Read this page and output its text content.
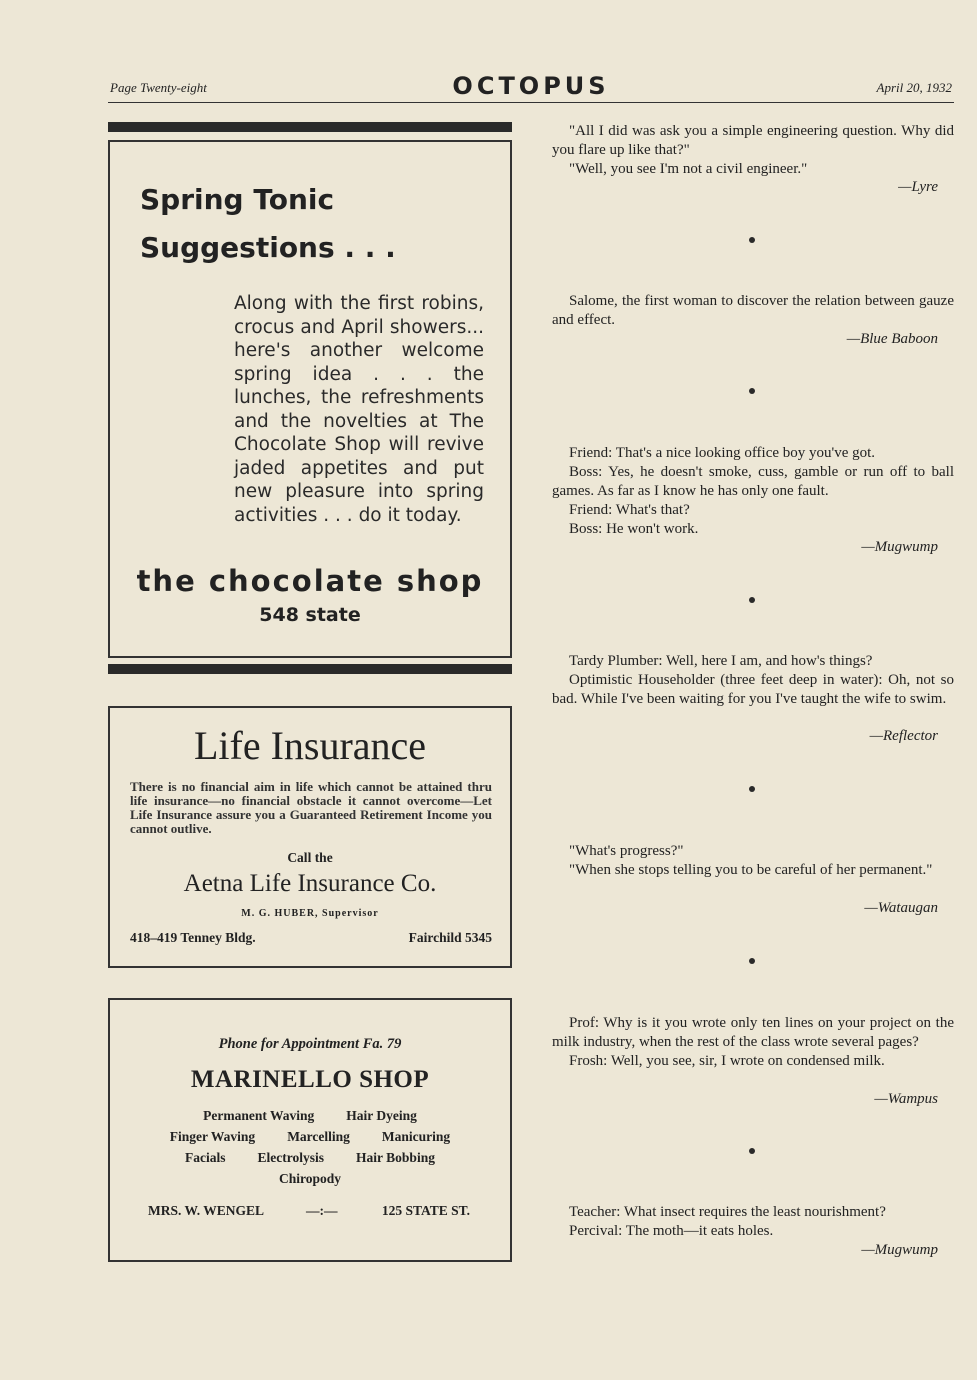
Page Twenty-eight	OCTOPUS	April 20, 1932
Spring Tonic
Suggestions . . .
Along with the first robins, crocus and April showers... here's another welcome spring idea . . . the lunches, the refreshments and the novelties at The Chocolate Shop will revive jaded appetites and put new pleasure into spring activities . . . do it today.
the chocolate shop
548 state
Life Insurance
There is no financial aim in life which cannot be attained thru life insurance—no financial obstacle it cannot overcome—Let Life Insurance assure you a Guaranteed Retirement Income you cannot outlive.
Call the
Aetna Life Insurance Co.
M. G. HUBER, Supervisor
418–419 Tenney Bldg.	Fairchild 5345
Phone for Appointment Fa. 79
MARINELLO SHOP
Permanent Waving Hair Dyeing
Finger Waving Marcelling Manicuring
Facials Electrolysis Hair Bobbing
Chiropody
MRS. W. WENGEL	—:—	125 STATE ST.
"All I did was ask you a simple engineering question. Why did you flare up like that?"
"Well, you see I'm not a civil engineer."
—Lyre
Salome, the first woman to discover the relation between gauze and effect.
—Blue Baboon
Friend: That's a nice looking office boy you've got.
Boss: Yes, he doesn't smoke, cuss, gamble or run off to ball games. As far as I know he has only one fault.
Friend: What's that?
Boss: He won't work.
—Mugwump
Tardy Plumber: Well, here I am, and how's things?
Optimistic Householder (three feet deep in water): Oh, not so bad. While I've been waiting for you I've taught the wife to swim.
—Reflector
"What's progress?"
"When she stops telling you to be careful of her permanent."
—Wataugan
Prof: Why is it you wrote only ten lines on your project on the milk industry, when the rest of the class wrote several pages?
Frosh: Well, you see, sir, I wrote on condensed milk.
—Wampus
Teacher: What insect requires the least nourishment?
Percival: The moth—it eats holes.
—Mugwump
